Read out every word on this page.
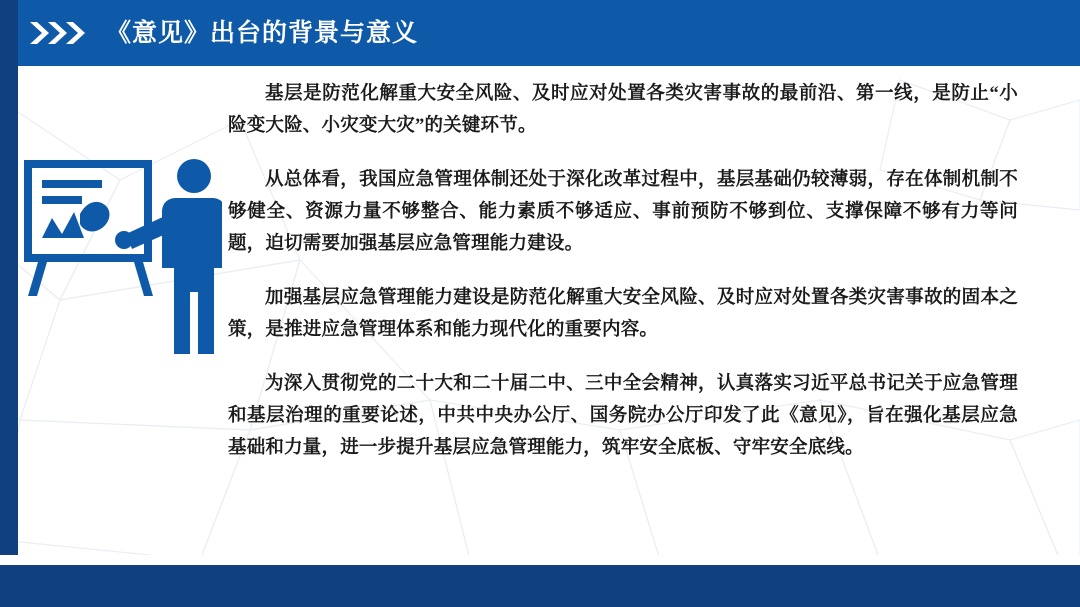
《意见》出台的背景与意义

基层是防范化解重大安全风险、及时应对处置各类灾害事故的最前沿、第一线，是防止“小险变大险、小灾变大灾”的关键环节。

从总体看，我国应急管理体制还处于深化改革过程中，基层基础仍较薄弱，存在体制机制不够健全、资源力量不够整合、能力素质不够适应、事前预防不够到位、支撑保障不够有力等问题，迫切需要加强基层应急管理能力建设。

加强基层应急管理能力建设是防范化解重大安全风险、及时应对处置各类灾害事故的固本之策，是推进应急管理体系和能力现代化的重要内容。

为深入贯彻党的二十大和二十届二中、三中全会精神，认真落实习近平总书记关于应急管理和基层治理的重要论述，中共中央办公厅、国务院办公厅印发了此《意见》，旨在强化基层应急基础和力量，进一步提升基层应急管理能力，筑牢安全底板、守牢安全底线。
